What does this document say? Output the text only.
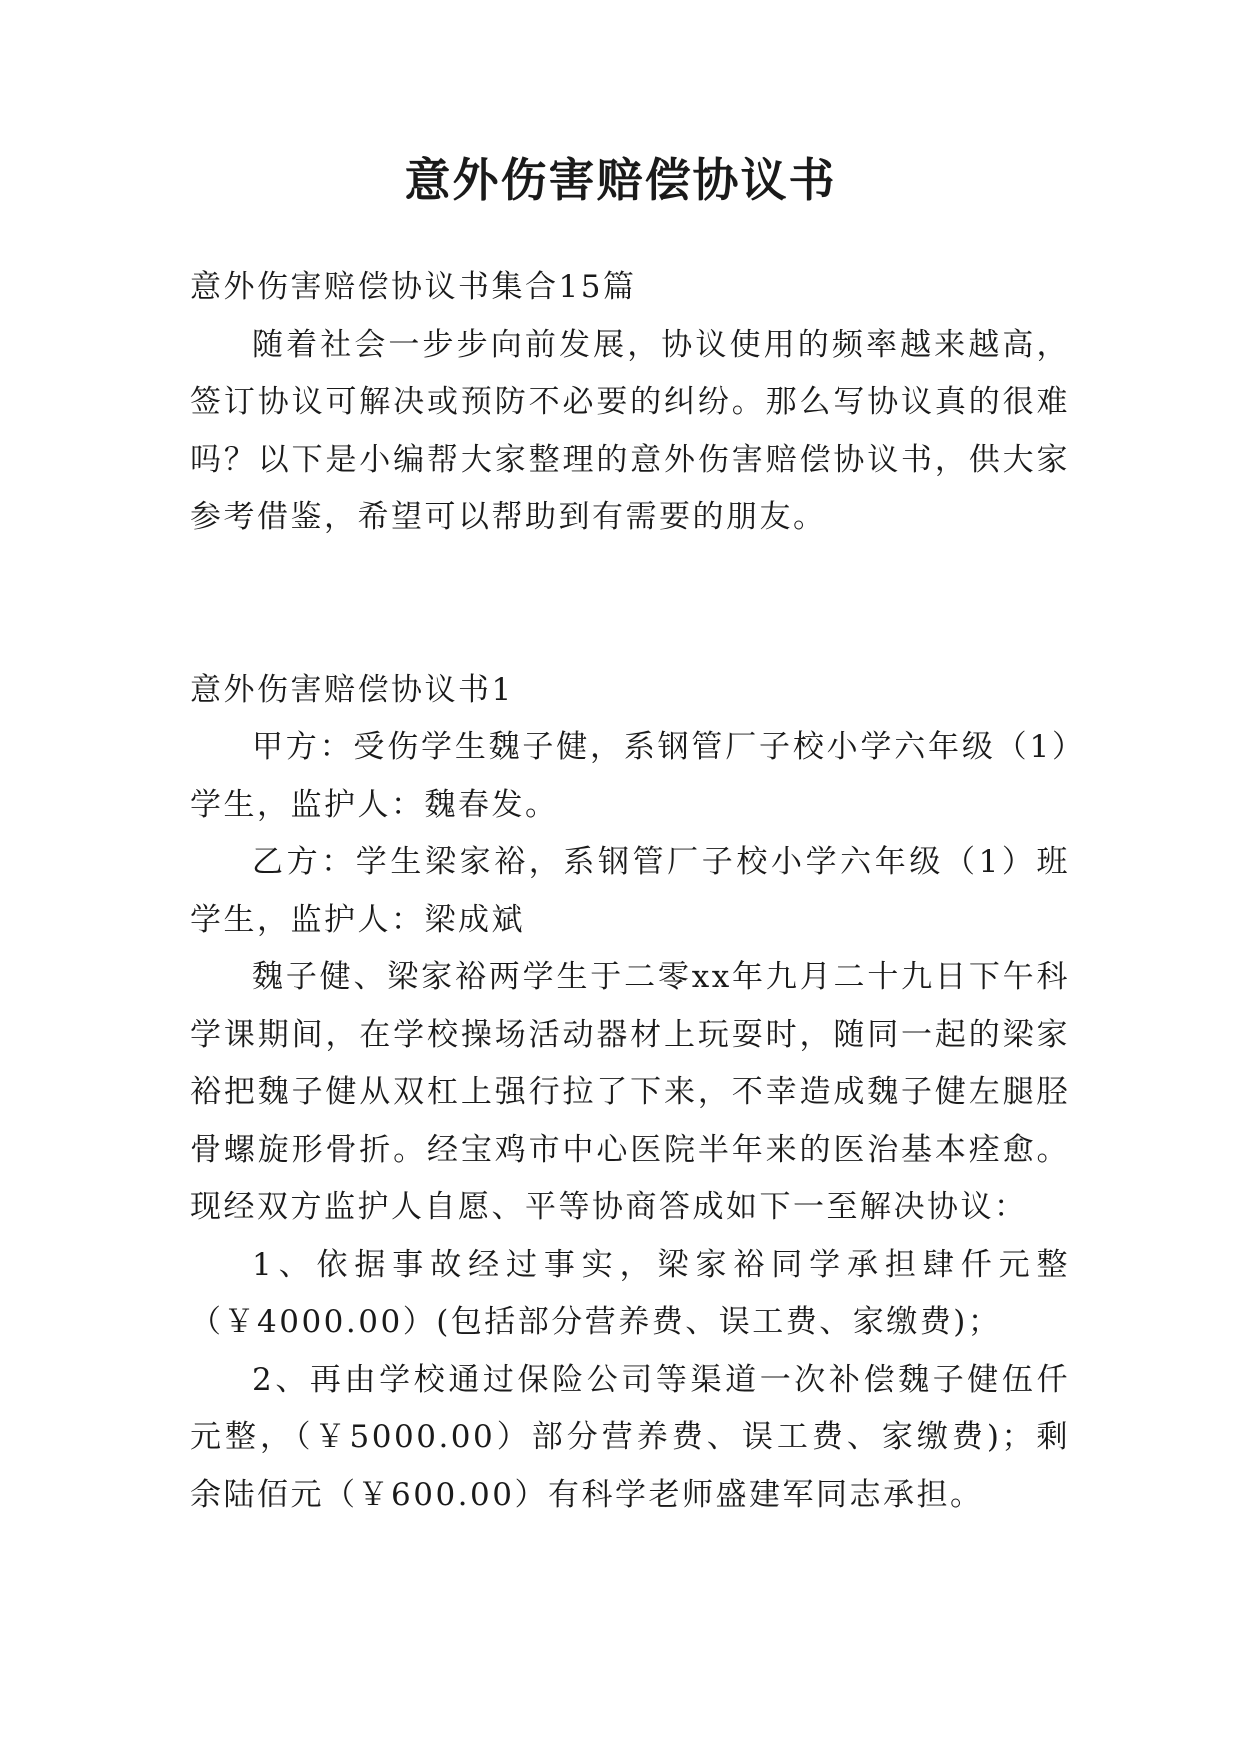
意外伤害赔偿协议书

意外伤害赔偿协议书集合15篇

随着社会一步步向前发展，协议使用的频率越来越高，签订协议可解决或预防不必要的纠纷。那么写协议真的很难吗？以下是小编帮大家整理的意外伤害赔偿协议书，供大家参考借鉴，希望可以帮助到有需要的朋友。

意外伤害赔偿协议书1

甲方：受伤学生魏子健，系钢管厂子校小学六年级（1）学生，监护人：魏春发。

乙方：学生梁家裕，系钢管厂子校小学六年级（1）班学生，监护人：梁成斌

魏子健、梁家裕两学生于二零xx年九月二十九日下午科学课期间，在学校操场活动器材上玩耍时，随同一起的梁家裕把魏子健从双杠上强行拉了下来，不幸造成魏子健左腿胫骨螺旋形骨折。经宝鸡市中心医院半年来的医治基本痊愈。现经双方监护人自愿、平等协商答成如下一至解决协议：

1、依据事故经过事实，梁家裕同学承担肆仟元整（￥4000.00）(包括部分营养费、误工费、家缴费)；

2、再由学校通过保险公司等渠道一次补偿魏子健伍仟元整，（￥5000.00）部分营养费、误工费、家缴费)；剩余陆佰元（￥600.00）有科学老师盛建军同志承担。
